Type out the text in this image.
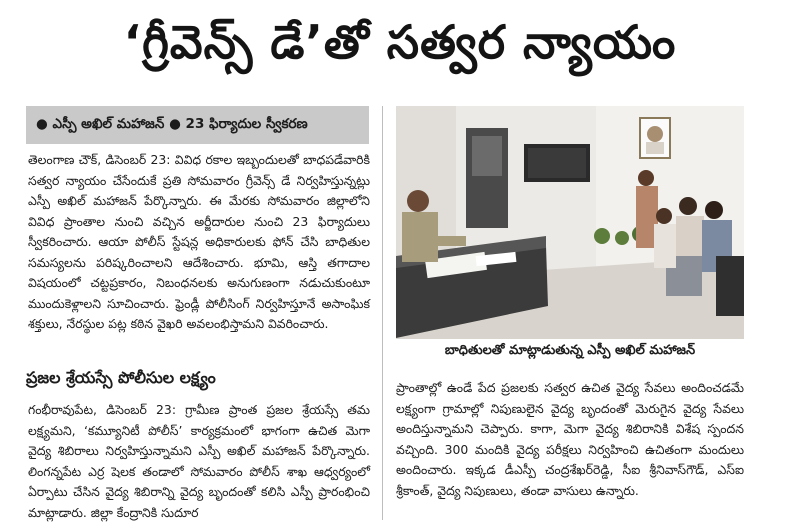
‘గ్రీవెన్స్ డే’తో సత్వర న్యాయం
● ఎస్పీ అఖిల్ మహాజన్ ● 23 ఫిర్యాదుల స్వీకరణ

తెలంగాణ చౌక్, డిసెంబర్ 23: వివిధ రకాల ఇబ్బందులతో బాధపడేవారికి సత్వర న్యాయం చేసేందుకే ప్రతి సోమవారం గ్రీవెన్స్ డే నిర్వహిస్తున్నట్లు ఎస్పీ అఖిల్ మహాజన్ పేర్కొన్నారు. ఈ మేరకు సోమవారం జిల్లాలోని వివిధ ప్రాంతాల నుంచి వచ్చిన అర్జీదారుల నుంచి 23 ఫిర్యాదులు స్వీకరించారు. ఆయా పోలీస్ స్టేషన్ల అధికారులకు ఫోన్ చేసి బాధితుల సమస్యలను పరిష్కరించాలని ఆదేశించారు. భూమి, ఆస్తి తగాదాల విషయంలో చట్టప్రకారం, నిబంధనలకు అనుగుణంగా నడుచుకుంటూ ముందుకెళ్లాలని సూచించారు. ఫ్రెండ్లీ పోలీసింగ్ నిర్వహిస్తూనే అసాంఘిక శక్తులు, నేరస్థుల పట్ల కఠిన వైఖరి అవలంభిస్తామని వివరించారు.

ప్రజల శ్రేయస్సే పోలీసుల లక్ష్యం

గంభీరావుపేట, డిసెంబర్ 23: గ్రామీణ ప్రాంత ప్రజల శ్రేయస్సే తమ లక్ష్యమని, ‘కమ్యూనిటీ పోలీస్’ కార్యక్రమంలో భాగంగా ఉచిత మెగా వైద్య శిబిరాలు నిర్వహిస్తున్నామని ఎస్పీ అఖిల్ మహాజన్ పేర్కొన్నారు. లింగన్నపేట ఎర్ర షెలక తండాలో సోమవారం పోలీస్ శాఖ ఆధ్వర్యంలో ఏర్పాటు చేసిన వైద్య శిబిరాన్ని వైద్య బృందంతో కలిసి ఎస్పీ ప్రారంభించి మాట్లాడారు. జిల్లా కేంద్రానికి సుదూర

బాధితులతో మాట్లాడుతున్న ఎస్పీ అఖిల్ మహాజన్

ప్రాంతాల్లో ఉండే పేద ప్రజలకు సత్వర ఉచిత వైద్య సేవలు అందించడమే లక్ష్యంగా గ్రామాల్లో నిపుణులైన వైద్య బృందంతో మెరుగైన వైద్య సేవలు అందిస్తున్నామని చెప్పారు. కాగా, మెగా వైద్య శిబిరానికి విశేష స్పందన వచ్చింది. 300 మందికి వైద్య పరీక్షలు నిర్వహించి ఉచితంగా మందులు అందించారు. ఇక్కడ డీఎస్పీ చంద్రశేఖర్‌రెడ్డి, సీఐ శ్రీనివాస్‌గౌడ్, ఎస్ఐ శ్రీకాంత్, వైద్య నిపుణులు, తండా వాసులు ఉన్నారు.
